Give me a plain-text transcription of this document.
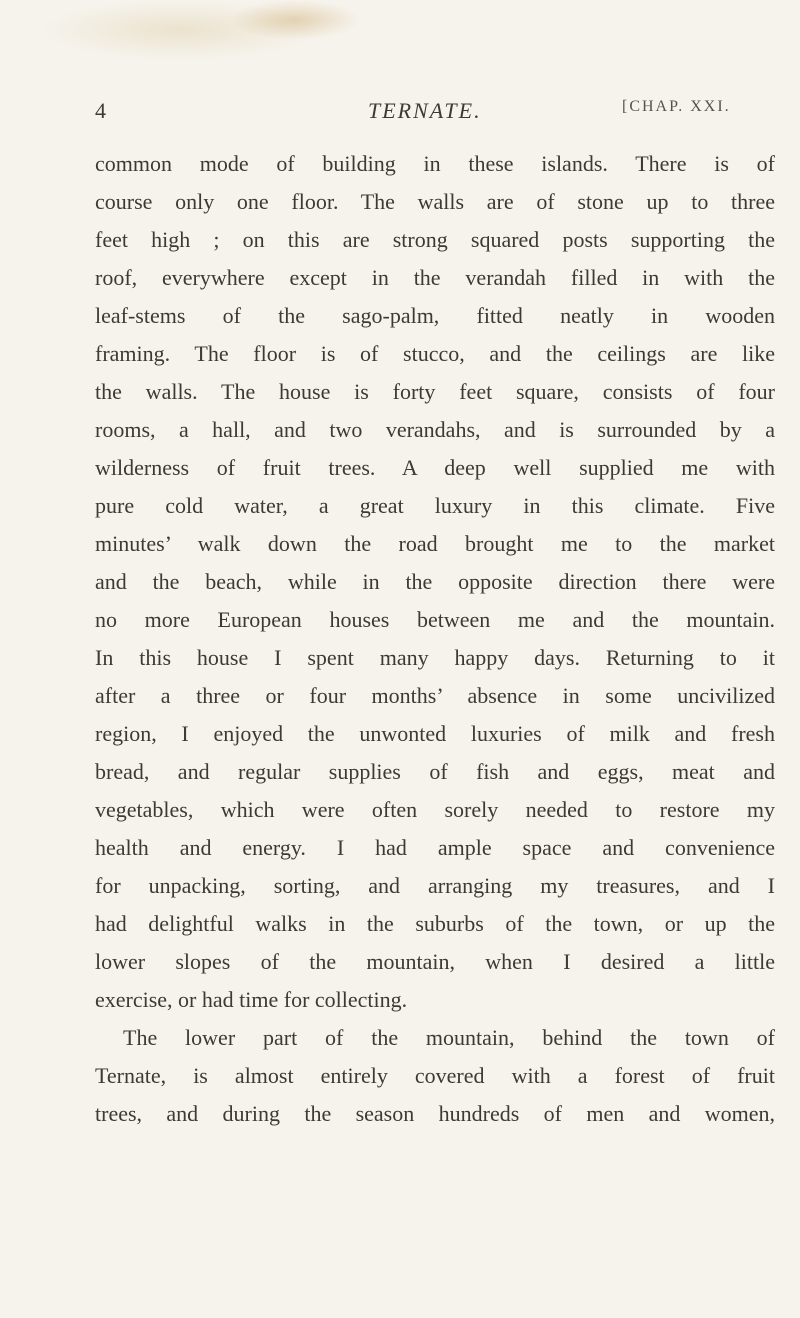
4	TERNATE.	[CHAP. XXI.
common mode of building in these islands. There is of
course only one floor. The walls are of stone up to three
feet high ; on this are strong squared posts supporting the
roof, everywhere except in the verandah filled in with the
leaf-stems of the sago-palm, fitted neatly in wooden
framing. The floor is of stucco, and the ceilings are like
the walls. The house is forty feet square, consists of four
rooms, a hall, and two verandahs, and is surrounded by a
wilderness of fruit trees. A deep well supplied me with
pure cold water, a great luxury in this climate. Five
minutes’ walk down the road brought me to the market
and the beach, while in the opposite direction there were
no more European houses between me and the mountain.
In this house I spent many happy days. Returning to it
after a three or four months’ absence in some uncivilized
region, I enjoyed the unwonted luxuries of milk and fresh
bread, and regular supplies of fish and eggs, meat and
vegetables, which were often sorely needed to restore my
health and energy. I had ample space and convenience
for unpacking, sorting, and arranging my treasures, and I
had delightful walks in the suburbs of the town, or up the
lower slopes of the mountain, when I desired a little
exercise, or had time for collecting.
The lower part of the mountain, behind the town of
Ternate, is almost entirely covered with a forest of fruit
trees, and during the season hundreds of men and women,
